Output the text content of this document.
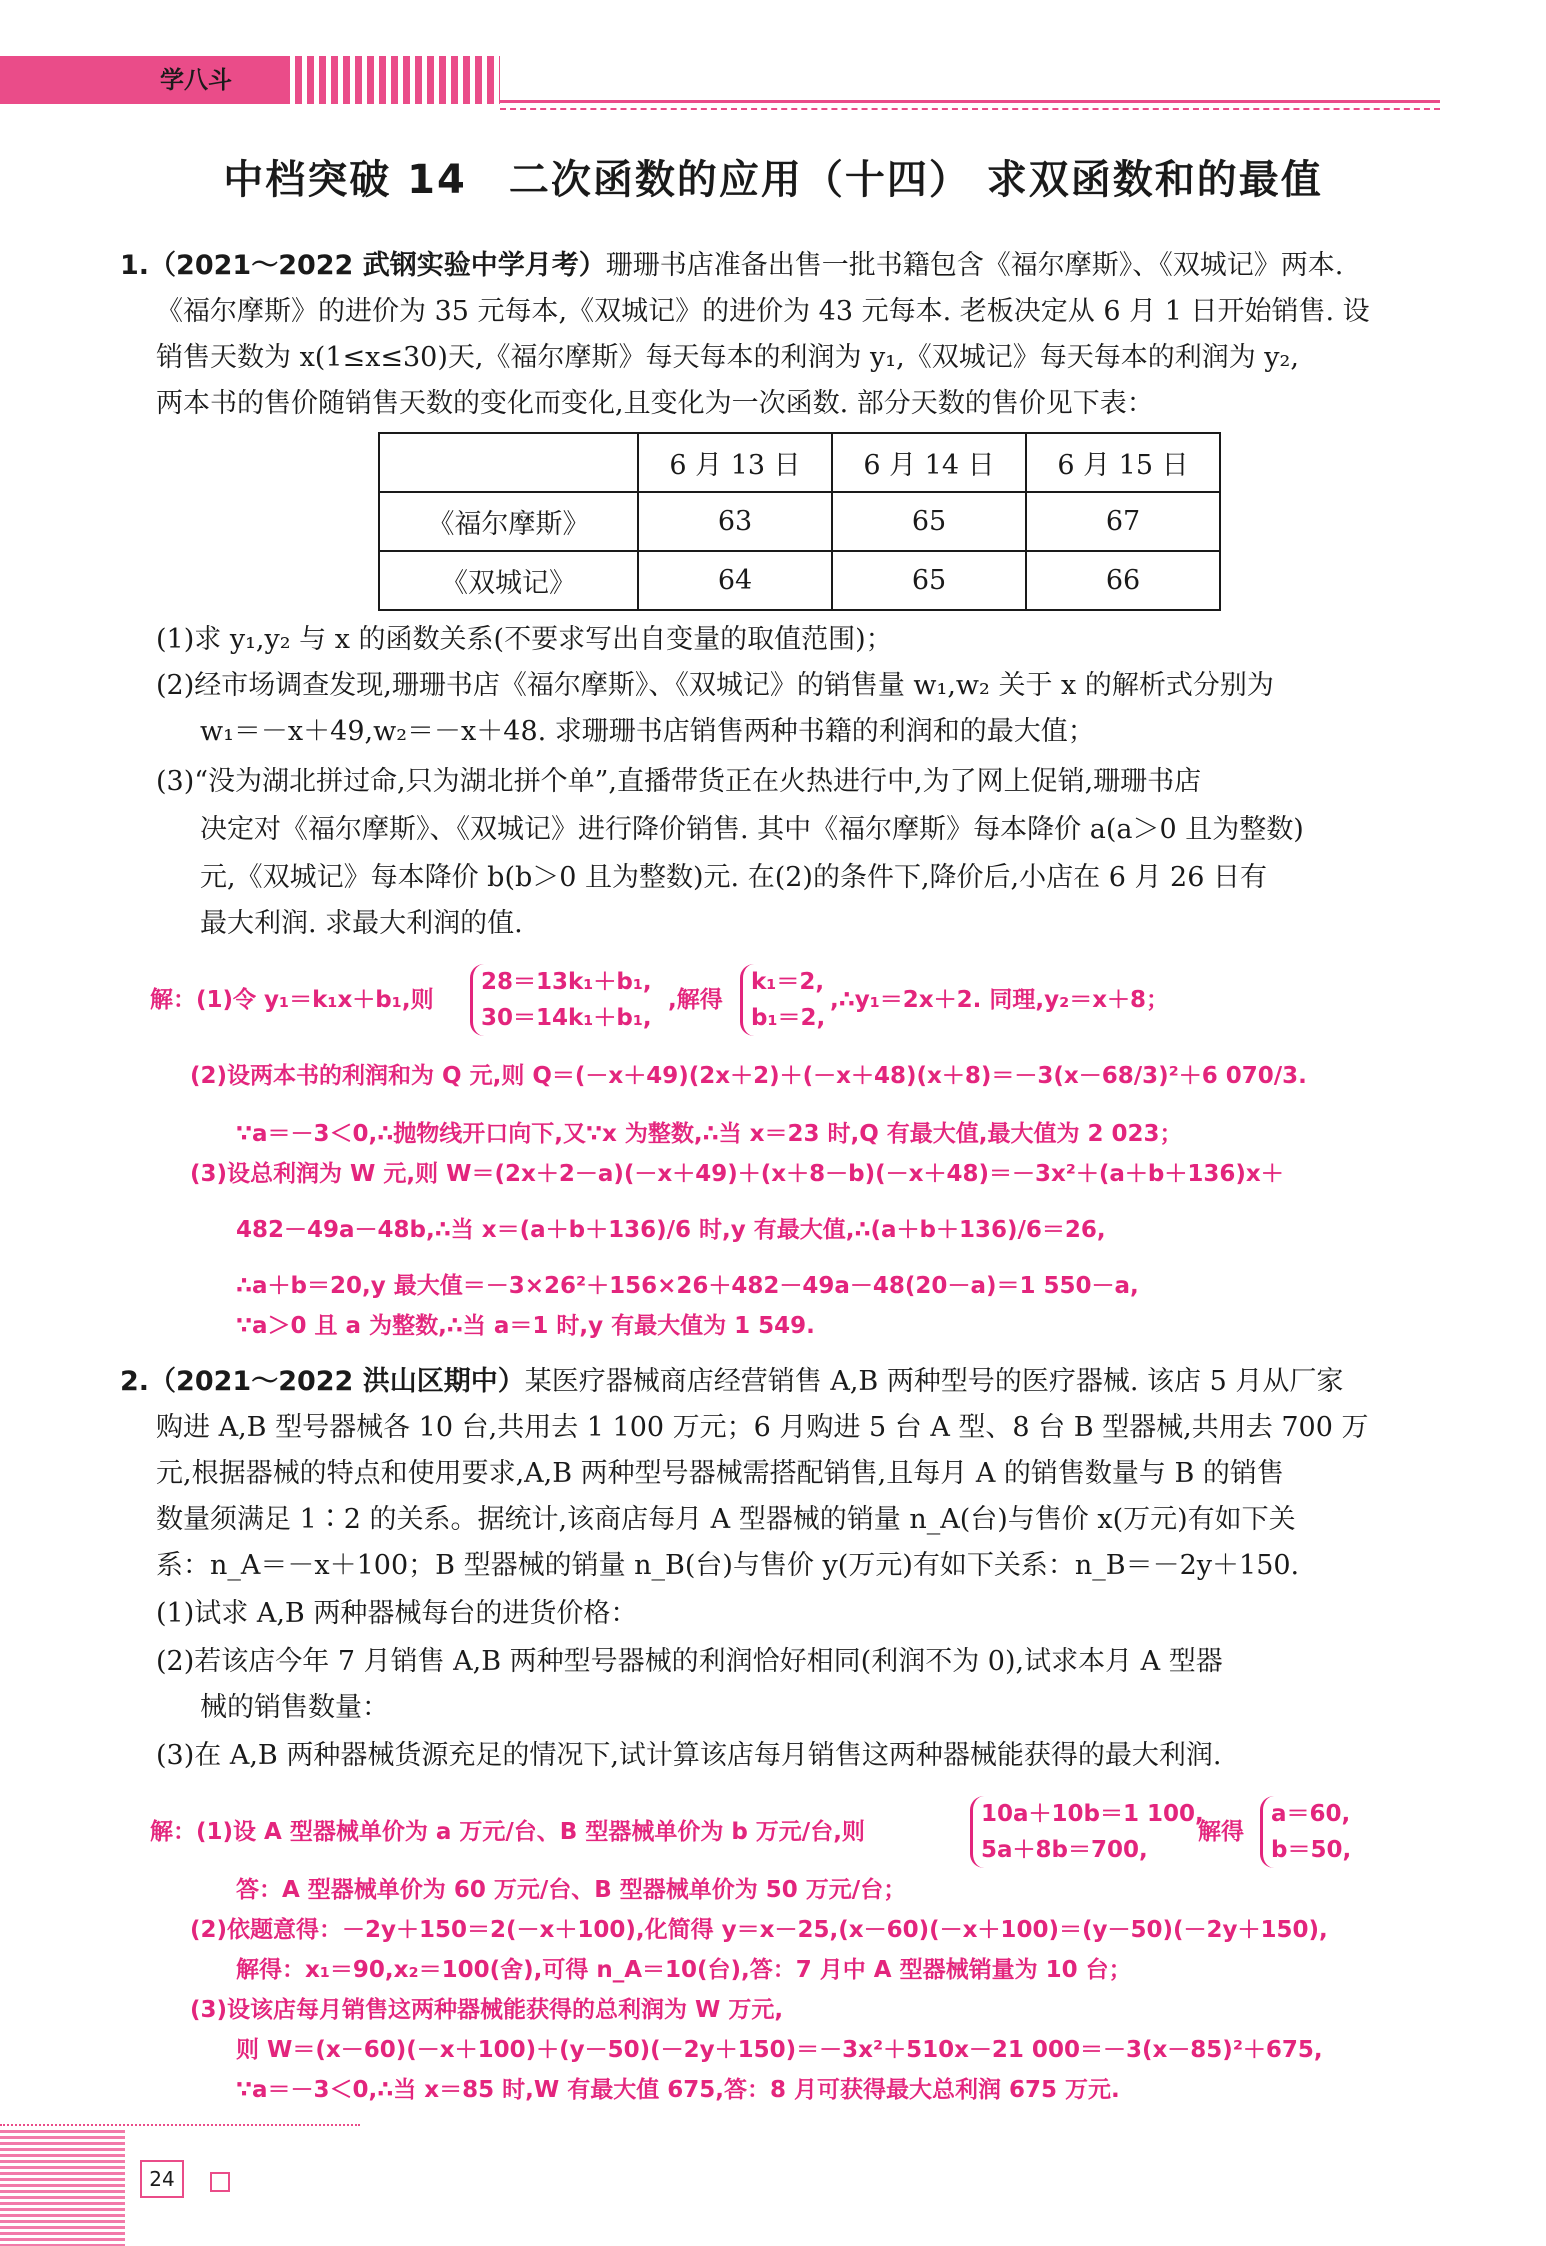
学八斗
中档突破 14　二次函数的应用（十四） 求双函数和的最值
1.（2021～2022 武钢实验中学月考）珊珊书店准备出售一批书籍包含《福尔摩斯》、《双城记》两本.
《福尔摩斯》的进价为 35 元每本,《双城记》的进价为 43 元每本. 老板决定从 6 月 1 日开始销售. 设
销售天数为 x(1≤x≤30)天,《福尔摩斯》每天每本的利润为 y₁,《双城记》每天每本的利润为 y₂,
两本书的售价随销售天数的变化而变化,且变化为一次函数. 部分天数的售价见下表：
	6 月 13 日	6 月 14 日	6 月 15 日
《福尔摩斯》	63	65	67
《双城记》	64	65	66
(1)求 y₁,y₂ 与 x 的函数关系(不要求写出自变量的取值范围)；
(2)经市场调查发现,珊珊书店《福尔摩斯》、《双城记》的销售量 w₁,w₂ 关于 x 的解析式分别为
w₁＝－x＋49,w₂＝－x＋48. 求珊珊书店销售两种书籍的利润和的最大值；
(3)“没为湖北拼过命,只为湖北拼个单”,直播带货正在火热进行中,为了网上促销,珊珊书店
决定对《福尔摩斯》、《双城记》进行降价销售. 其中《福尔摩斯》每本降价 a(a＞0 且为整数)
元,《双城记》每本降价 b(b＞0 且为整数)元. 在(2)的条件下,降价后,小店在 6 月 26 日有
最大利润. 求最大利润的值.
解：(1)令 y₁＝k₁x＋b₁,则
28＝13k₁＋b₁,
30＝14k₁＋b₁,
,解得
k₁＝2,
b₁＝2,
,∴y₁＝2x＋2. 同理,y₂＝x＋8；
(2)设两本书的利润和为 Q 元,则 Q＝(－x＋49)(2x＋2)＋(－x＋48)(x＋8)＝－3(x－68/3)²＋6 070/3.
∵a＝－3＜0,∴抛物线开口向下,又∵x 为整数,∴当 x＝23 时,Q 有最大值,最大值为 2 023；
(3)设总利润为 W 元,则 W＝(2x＋2－a)(－x＋49)＋(x＋8－b)(－x＋48)＝－3x²＋(a＋b＋136)x＋
482－49a－48b,∴当 x＝(a＋b＋136)/6 时,y 有最大值,∴(a＋b＋136)/6＝26,
∴a＋b＝20,y 最大值＝－3×26²＋156×26＋482－49a－48(20－a)＝1 550－a,
∵a＞0 且 a 为整数,∴当 a＝1 时,y 有最大值为 1 549.
2.（2021～2022 洪山区期中）某医疗器械商店经营销售 A,B 两种型号的医疗器械. 该店 5 月从厂家
购进 A,B 型号器械各 10 台,共用去 1 100 万元；6 月购进 5 台 A 型、8 台 B 型器械,共用去 700 万
元,根据器械的特点和使用要求,A,B 两种型号器械需搭配销售,且每月 A 的销售数量与 B 的销售
数量须满足 1∶2 的关系。据统计,该商店每月 A 型器械的销量 n_A(台)与售价 x(万元)有如下关
系：n_A＝－x＋100；B 型器械的销量 n_B(台)与售价 y(万元)有如下关系：n_B＝－2y＋150.
(1)试求 A,B 两种器械每台的进货价格：
(2)若该店今年 7 月销售 A,B 两种型号器械的利润恰好相同(利润不为 0),试求本月 A 型器
械的销售数量：
(3)在 A,B 两种器械货源充足的情况下,试计算该店每月销售这两种器械能获得的最大利润.
解：(1)设 A 型器械单价为 a 万元/台、B 型器械单价为 b 万元/台,则
10a＋10b＝1 100,
5a＋8b＝700,
解得
a＝60,
b＝50,
答：A 型器械单价为 60 万元/台、B 型器械单价为 50 万元/台；
(2)依题意得：－2y＋150＝2(－x＋100),化简得 y＝x－25,(x－60)(－x＋100)＝(y－50)(－2y＋150),
解得：x₁＝90,x₂＝100(舍),可得 n_A＝10(台),答：7 月中 A 型器械销量为 10 台；
(3)设该店每月销售这两种器械能获得的总利润为 W 万元,
则 W＝(x－60)(－x＋100)＋(y－50)(－2y＋150)＝－3x²＋510x－21 000＝－3(x－85)²＋675,
∵a＝－3＜0,∴当 x＝85 时,W 有最大值 675,答：8 月可获得最大总利润 675 万元.
24
